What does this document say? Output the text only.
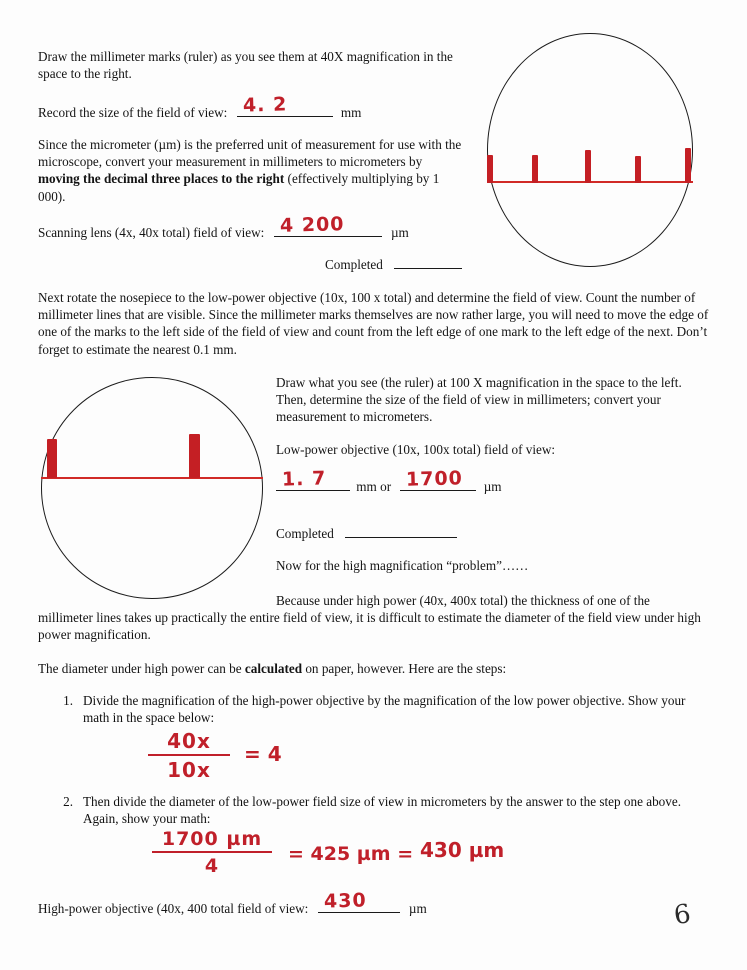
Draw the millimeter marks (ruler) as you see them at 40X magnification in the space to the right.
Record the size of the field of view: 4. 2	mm
Since the micrometer (µm) is the preferred unit of measurement for use with the microscope, convert your measurement in millimeters to micrometers by moving the decimal three places to the right (effectively multiplying by 1 000).
Scanning lens (4x, 40x total) field of view: 4 200	µm
Completed
Next rotate the nosepiece to the low-power objective (10x, 100 x total) and determine the field of view. Count the number of millimeter lines that are visible. Since the millimeter marks themselves are now rather large, you will need to move the edge of one of the marks to the left side of the field of view and count from the left edge of one mark to the left edge of the next. Don’t forget to estimate the nearest 0.1 mm.
Draw what you see (the ruler) at 100 X magnification in the space to the left. Then, determine the size of the field of view in millimeters; convert your measurement to micrometers.
Low-power objective (10x, 100x total) field of view:
1. 7 mm or 1700 µm
Completed
Now for the high magnification “problem”……
Because under high power (40x, 400x total) the thickness of one of the
millimeter lines takes up practically the entire field of view, it is difficult to estimate the diameter of the field view under high power magnification.
The diameter under high power can be calculated on paper, however. Here are the steps:
1. Divide the magnification of the high-power objective by the magnification of the low power objective. Show your math in the space below:
40x
10x
= 4
2. Then divide the diameter of the low-power field size of view in micrometers by the answer to the step one above. Again, show your math:
1700 µm
4
= 425 µm = 430 µm
High-power objective (40x, 400 total field of view: 430	µm	6
